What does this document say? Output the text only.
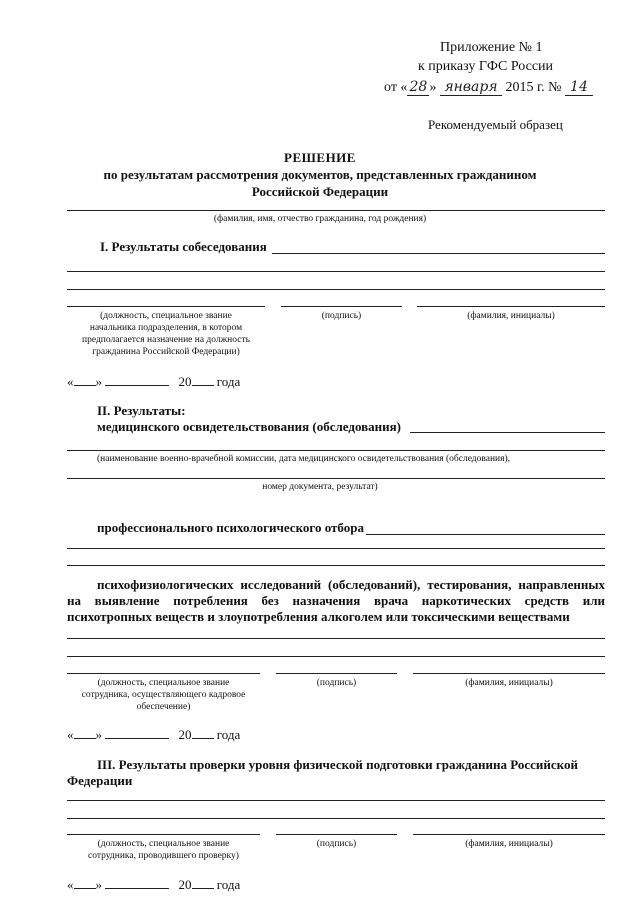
Приложение № 1
к приказу ГФС России
от « 28 » января 2015 г. № 14
Рекомендуемый образец
РЕШЕНИЕ
по результатам рассмотрения документов, представленных гражданином
Российской Федерации
(фамилия, имя, отчество гражданина, год рождения)
I. Результаты собеседования
(должность, специальное звание
начальника подразделения, в котором
предполагается назначение на должность
гражданина Российской Федерации)
(подпись)	(фамилия, инициалы)
« »	20 года
II. Результаты:
медицинского освидетельствования (обследования)
(наименование военно-врачебной комиссии, дата медицинского освидетельствования (обследования),
номер документа, результат)
профессионального психологического отбора
психофизиологических исследований (обследований), тестирования, направленных
на выявление потребления без назначения врача наркотических средств или
психотропных веществ и злоупотребления алкоголем или токсическими веществами
(должность, специальное звание
сотрудника, осуществляющего кадровое
обеспечение)
(подпись)	(фамилия, инициалы)
« »	20 года
III. Результаты проверки уровня физической подготовки гражданина Российской
Федерации
(должность, специальное звание
сотрудника, проводившего проверку)
(подпись)	(фамилия, инициалы)
« »	20 года
